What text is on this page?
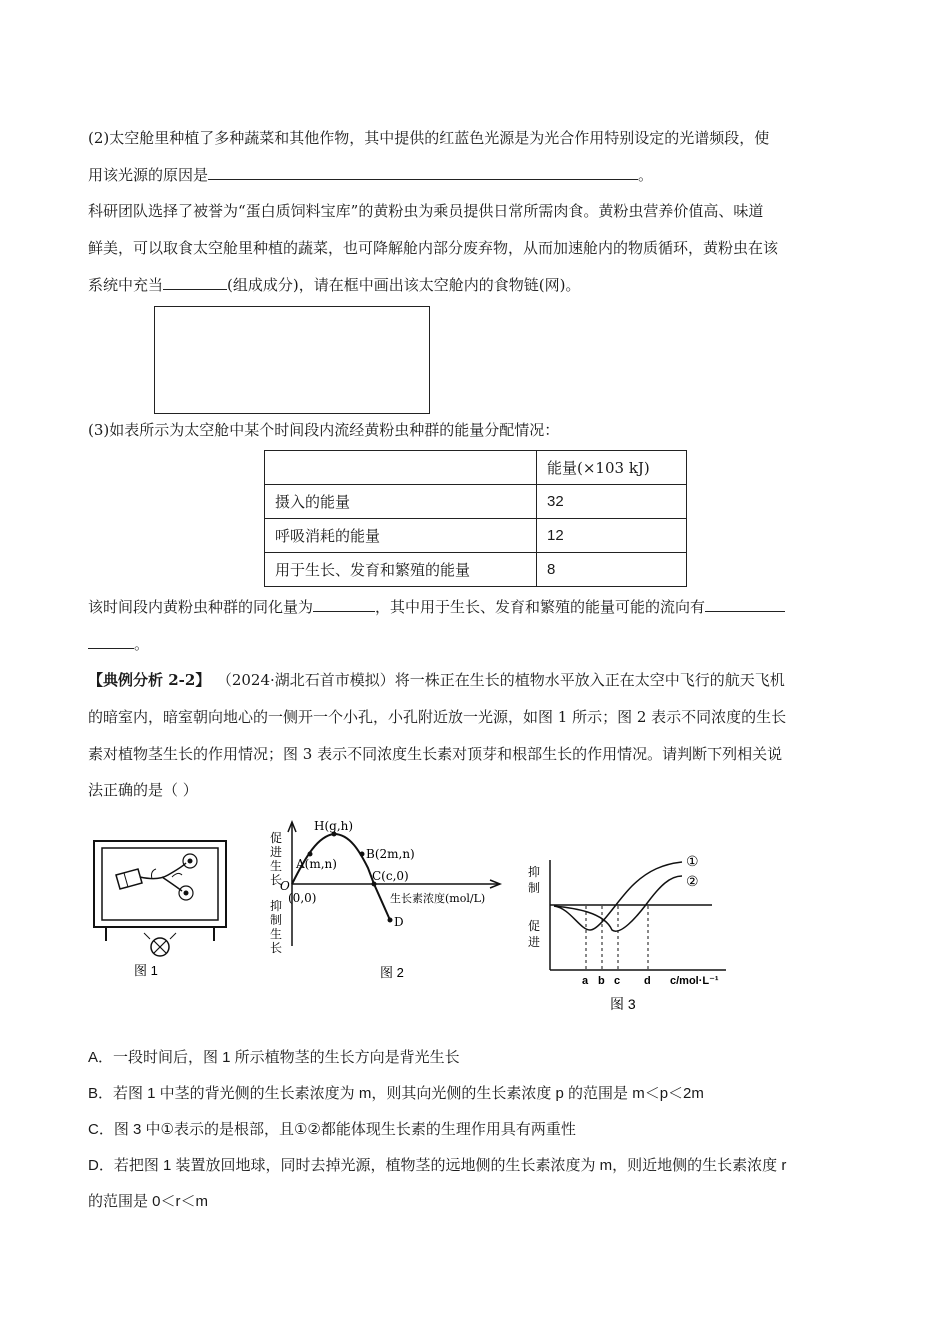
(2)太空舱里种植了多种蔬菜和其他作物，其中提供的红蓝色光源是为光合作用特别设定的光谱频段，使
用该光源的原因是	。
科研团队选择了被誉为“蛋白质饲料宝库”的黄粉虫为乘员提供日常所需肉食。黄粉虫营养价值高、味道
鲜美，可以取食太空舱里种植的蔬菜，也可降解舱内部分废弃物，从而加速舱内的物质循环，黄粉虫在该
系统中充当	(组成成分)，请在框中画出该太空舱内的食物链(网)。
(3)如表所示为太空舱中某个时间段内流经黄粉虫种群的能量分配情况：
	能量(×103 kJ)
摄入的能量	32
呼吸消耗的能量	12
用于生长、发育和繁殖的能量	8
该时间段内黄粉虫种群的同化量为	，其中用于生长、发育和繁殖的能量可能的流向有
。
【典例分析 2-2】 （2024·湖北石首市模拟）将一株正在生长的植物水平放入正在太空中飞行的航天飞机
的暗室内，暗室朝向地心的一侧开一个小孔，小孔附近放一光源，如图 1 所示；图 2 表示不同浓度的生长
素对植物茎生长的作用情况；图 3 表示不同浓度生长素对顶芽和根部生长的作用情况。请判断下列相关说
法正确的是（ ）
图 1
促
进
生
长
抑
制
生
长
O
(0,0)
H(g,h)
A(m,n)
B(2m,n)
C(c,0)
D
生长素浓度(mol/L)
图 2
抑
制
促
进
①
②
a b c d c/mol·L⁻¹
图 3
A．一段时间后，图 1 所示植物茎的生长方向是背光生长
B．若图 1 中茎的背光侧的生长素浓度为 m，则其向光侧的生长素浓度 p 的范围是 m＜p＜2m
C．图 3 中①表示的是根部，且①②都能体现生长素的生理作用具有两重性
D．若把图 1 装置放回地球，同时去掉光源，植物茎的远地侧的生长素浓度为 m，则近地侧的生长素浓度 r
的范围是 0＜r＜m
